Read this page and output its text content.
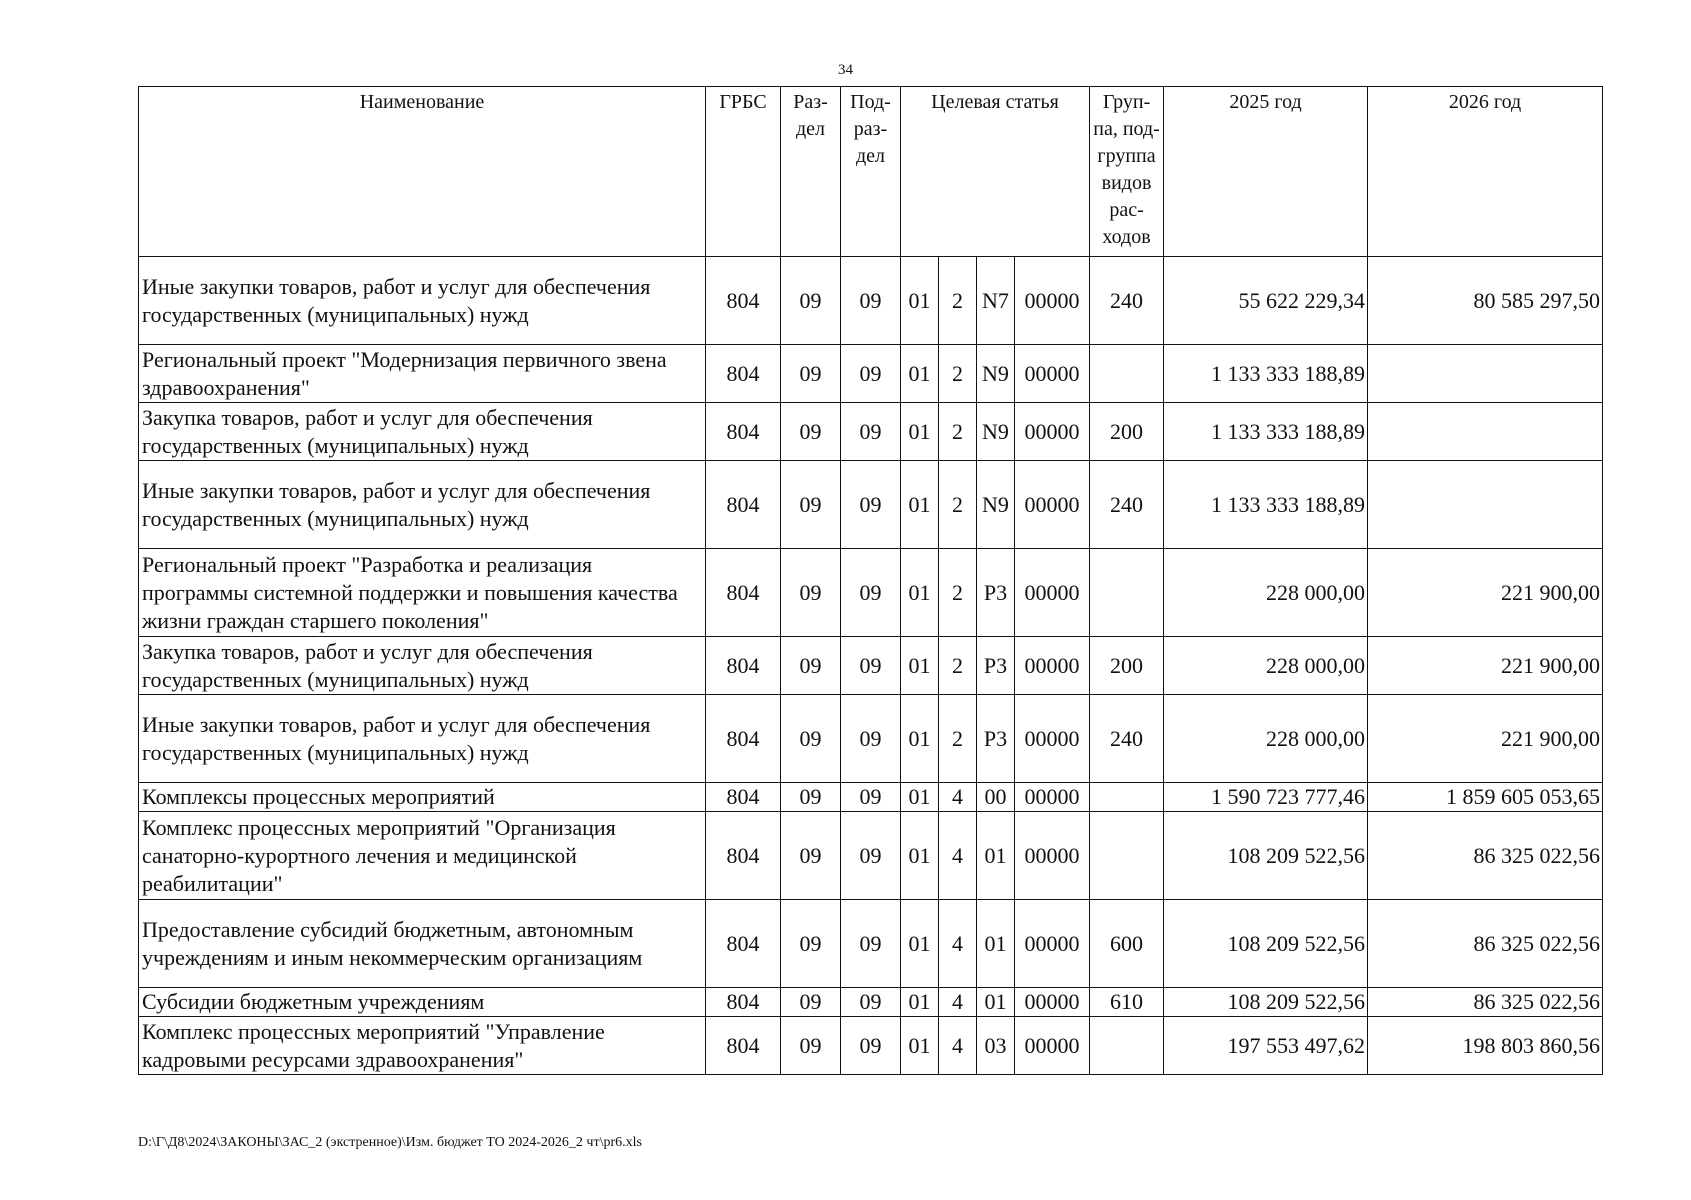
34
Наименование	ГРБС	Раз-дел	Под-раз-дел	Целевая статья				Груп-па, под-группа видов рас-ходов	2025 год	2026 год
Иные закупки товаров, работ и услуг для обеспечения государственных (муниципальных) нужд	804	09	09	01	2	N7	00000	240	55 622 229,34	80 585 297,50
Региональный проект "Модернизация первичного звена здравоохранения"	804	09	09	01	2	N9	00000		1 133 333 188,89	
Закупка товаров, работ и услуг для обеспечения государственных (муниципальных) нужд	804	09	09	01	2	N9	00000	200	1 133 333 188,89	
Иные закупки товаров, работ и услуг для обеспечения государственных (муниципальных) нужд	804	09	09	01	2	N9	00000	240	1 133 333 188,89	
Региональный проект "Разработка и реализация программы системной поддержки и повышения качества жизни граждан старшего поколения"	804	09	09	01	2	P3	00000		228 000,00	221 900,00
Закупка товаров, работ и услуг для обеспечения государственных (муниципальных) нужд	804	09	09	01	2	P3	00000	200	228 000,00	221 900,00
Иные закупки товаров, работ и услуг для обеспечения государственных (муниципальных) нужд	804	09	09	01	2	P3	00000	240	228 000,00	221 900,00
Комплексы процессных мероприятий	804	09	09	01	4	00	00000		1 590 723 777,46	1 859 605 053,65
Комплекс процессных мероприятий "Организация санаторно-курортного лечения и медицинской реабилитации"	804	09	09	01	4	01	00000		108 209 522,56	86 325 022,56
Предоставление субсидий бюджетным, автономным учреждениям и иным некоммерческим организациям	804	09	09	01	4	01	00000	600	108 209 522,56	86 325 022,56
Субсидии бюджетным учреждениям	804	09	09	01	4	01	00000	610	108 209 522,56	86 325 022,56
Комплекс процессных мероприятий "Управление кадровыми ресурсами здравоохранения"	804	09	09	01	4	03	00000		197 553 497,62	198 803 860,56
D:\Г\Д8\2024\ЗАКОНЫ\ЗАС_2 (экстренное)\Изм. бюджет ТО 2024-2026_2 чт\pr6.xls
